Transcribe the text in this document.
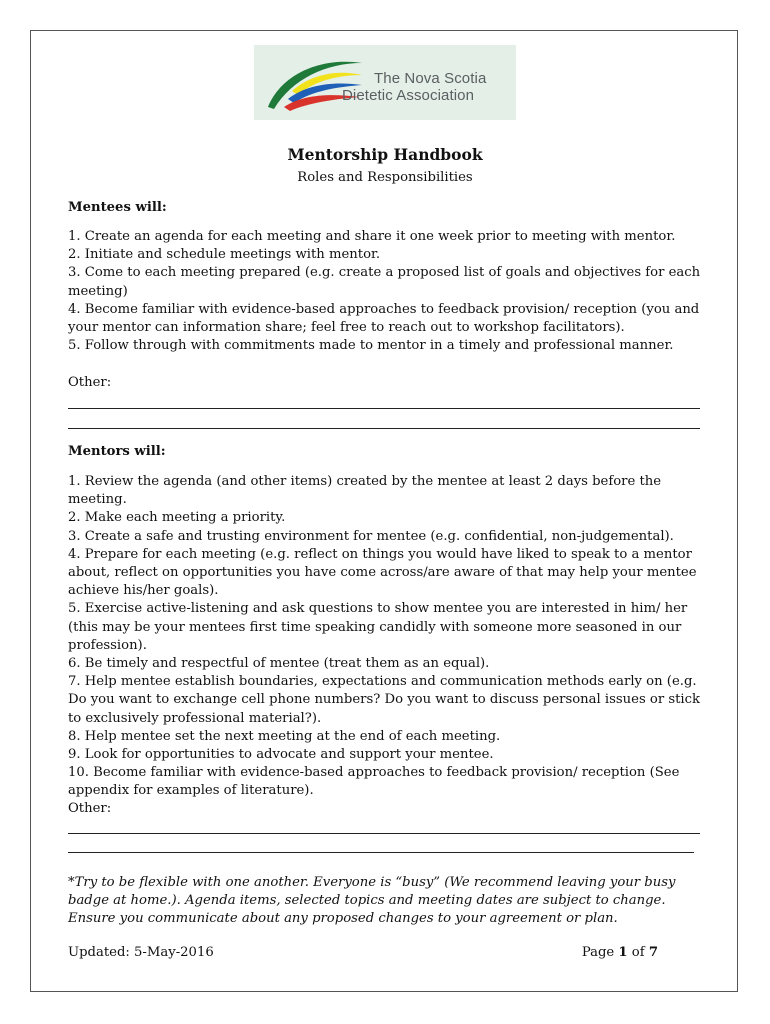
The Nova Scotia
Dietetic Association
Mentorship Handbook
Roles and Responsibilities
Mentees will:
1. Create an agenda for each meeting and share it one week prior to meeting with mentor.
2. Initiate and schedule meetings with mentor.
3. Come to each meeting prepared (e.g. create a proposed list of goals and objectives for each meeting)
4. Become familiar with evidence-based approaches to feedback provision/ reception (you and your mentor can information share; feel free to reach out to workshop facilitators).
5. Follow through with commitments made to mentor in a timely and professional manner.
Other:
Mentors will:
1. Review the agenda (and other items) created by the mentee at least 2 days before the meeting.
2. Make each meeting a priority.
3. Create a safe and trusting environment for mentee (e.g. confidential, non-judgemental).
4. Prepare for each meeting (e.g. reflect on things you would have liked to speak to a mentor about, reflect on opportunities you have come across/are aware of that may help your mentee achieve his/her goals).
5. Exercise active-listening and ask questions to show mentee you are interested in him/ her (this may be your mentees first time speaking candidly with someone more seasoned in our profession).
6. Be timely and respectful of mentee (treat them as an equal).
7. Help mentee establish boundaries, expectations and communication methods early on (e.g. Do you want to exchange cell phone numbers? Do you want to discuss personal issues or stick to exclusively professional material?).
8. Help mentee set the next meeting at the end of each meeting.
9. Look for opportunities to advocate and support your mentee.
10. Become familiar with evidence-based approaches to feedback provision/ reception (See appendix for examples of literature).
Other:
*Try to be flexible with one another. Everyone is “busy” (We recommend leaving your busy badge at home.). Agenda items, selected topics and meeting dates are subject to change. Ensure you communicate about any proposed changes to your agreement or plan.
Updated: 5-May-2016	Page 1 of 7
